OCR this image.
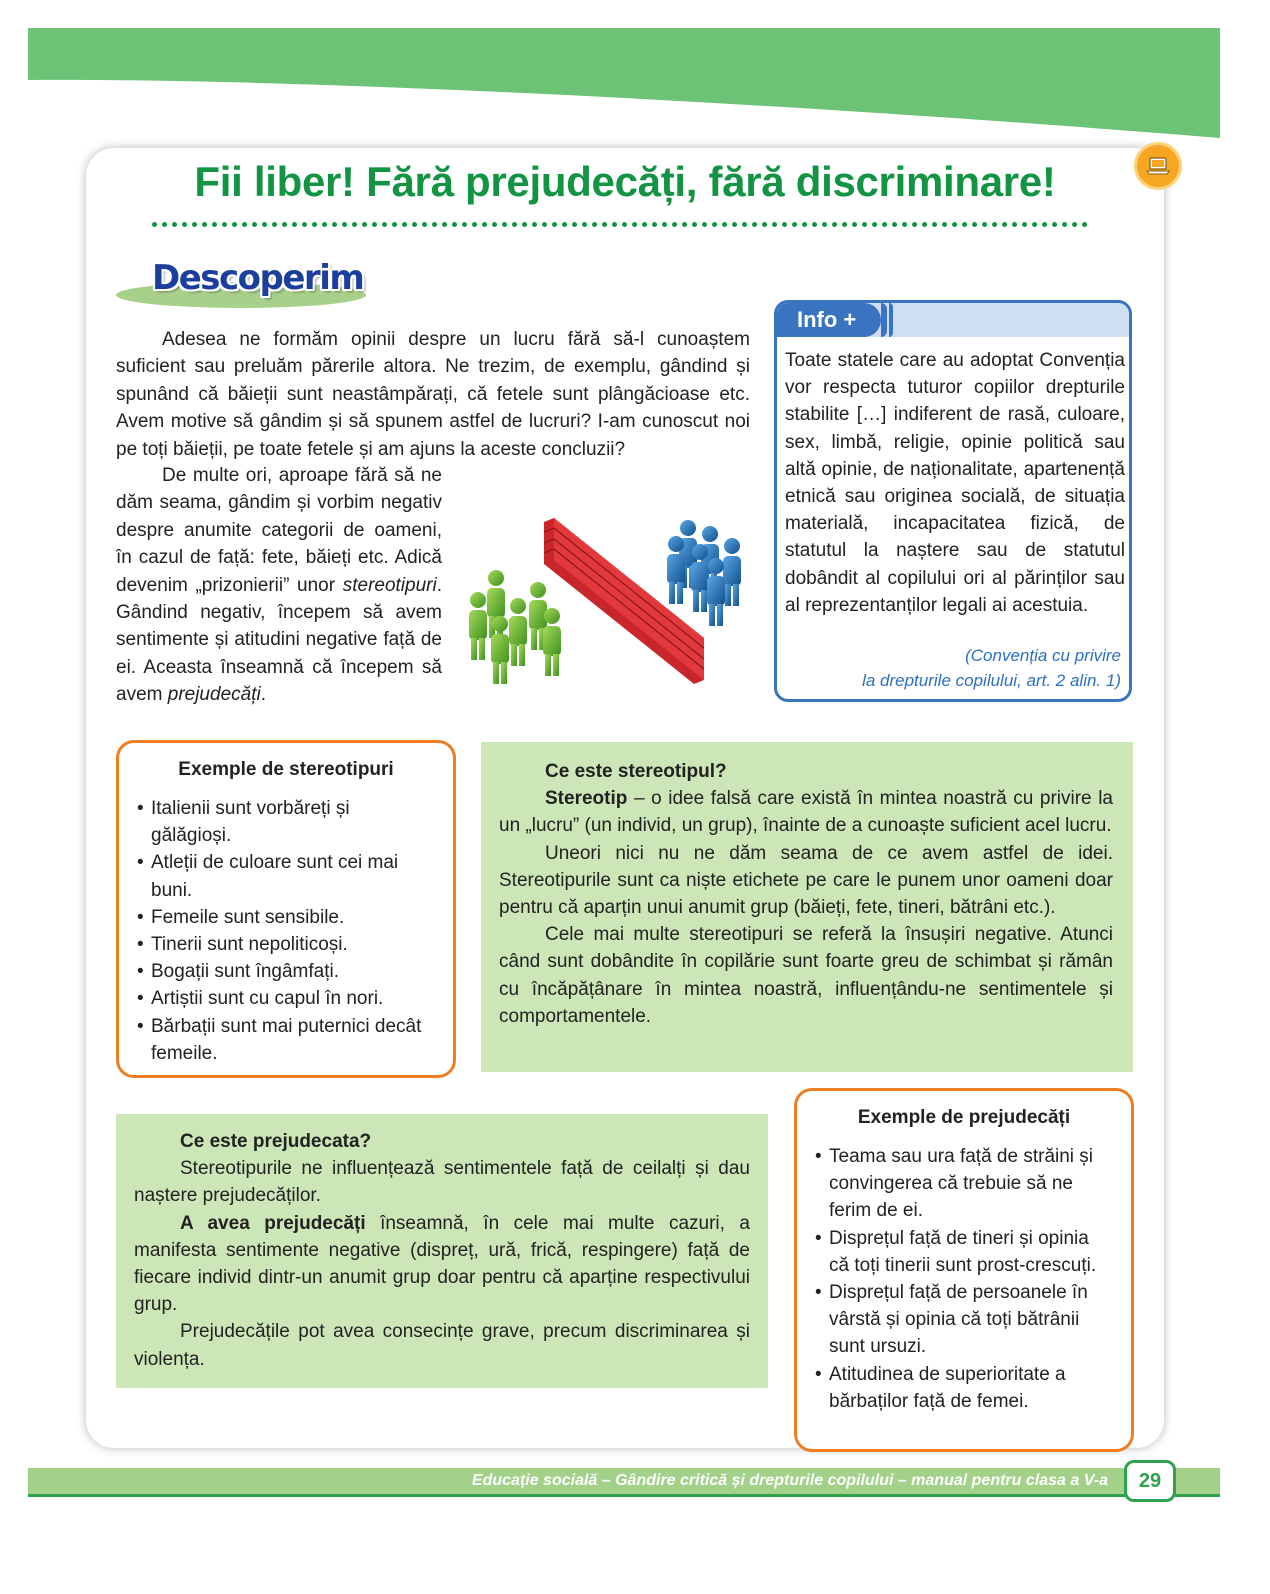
Fii liber! Fără prejudecăți, fără discriminare!
Descoperim

Adesea ne formăm opinii despre un lucru fără să-l cunoaștem suficient sau preluăm părerile altora. Ne trezim, de exemplu, gândind și spunând că băieții sunt neastâmpărați, că fetele sunt plângăcioase etc. Avem motive să gândim și să spunem astfel de lucruri? I-am cunoscut noi pe toți băieții, pe toate fetele și am ajuns la aceste concluzii?

De multe ori, aproape fără să ne dăm seama, gândim și vorbim negativ despre anumite categorii de oameni, în cazul de față: fete, băieți etc. Adică devenim „prizonierii” unor stereotipuri. Gândind negativ, începem să avem sentimente și atitudini negative față de ei. Aceasta înseamnă că începem să avem prejudecăți.

Info +
Toate statele care au adoptat Convenția vor respecta tuturor copiilor drepturile stabilite […] indiferent de rasă, culoare, sex, limbă, religie, opinie politică sau altă opinie, de naționalitate, apartenență etnică sau originea socială, de situația materială, incapacitatea fizică, de statutul la naștere sau de statutul dobândit al copilului ori al părinților sau al reprezentanților legali ai acestuia.
(Convenția cu privire
la drepturile copilului, art. 2 alin. 1)

Exemple de stereotipuri

• Italienii sunt vorbăreți și gălăgioși.
• Atleții de culoare sunt cei mai buni.
• Femeile sunt sensibile.
• Tinerii sunt nepoliticoși.
• Bogații sunt îngâmfați.
• Artiștii sunt cu capul în nori.
• Bărbații sunt mai puternici decât femeile.

Ce este stereotipul?

Stereotip – o idee falsă care există în mintea noastră cu privire la un „lucru” (un individ, un grup), înainte de a cunoaște suficient acel lucru.

Uneori nici nu ne dăm seama de ce avem astfel de idei. Stereotipurile sunt ca niște etichete pe care le punem unor oameni doar pentru că aparțin unui anumit grup (băieți, fete, tineri, bătrâni etc.).

Cele mai multe stereotipuri se referă la însușiri negative. Atunci când sunt dobândite în copilărie sunt foarte greu de schimbat și rămân cu încăpățânare în mintea noastră, influențându-ne sentimentele și comportamentele.

Ce este prejudecata?

Stereotipurile ne influențează sentimentele față de ceilalți și dau naștere prejudecăților.

A avea prejudecăți înseamnă, în cele mai multe cazuri, a manifesta sentimente negative (dispreț, ură, frică, respingere) față de fiecare individ dintr-un anumit grup doar pentru că aparține respectivului grup.

Prejudecățile pot avea consecințe grave, precum discriminarea și violența.

Exemple de prejudecăți

• Teama sau ura față de străini și convingerea că trebuie să ne ferim de ei.
• Disprețul față de tineri și opinia că toți tinerii sunt prost-crescuți.
• Disprețul față de persoanele în vârstă și opinia că toți bătrânii sunt ursuzi.
• Atitudinea de superioritate a bărbaților față de femei.
Educație socială – Gândire critică și drepturile copilului – manual pentru clasa a V-a	29
